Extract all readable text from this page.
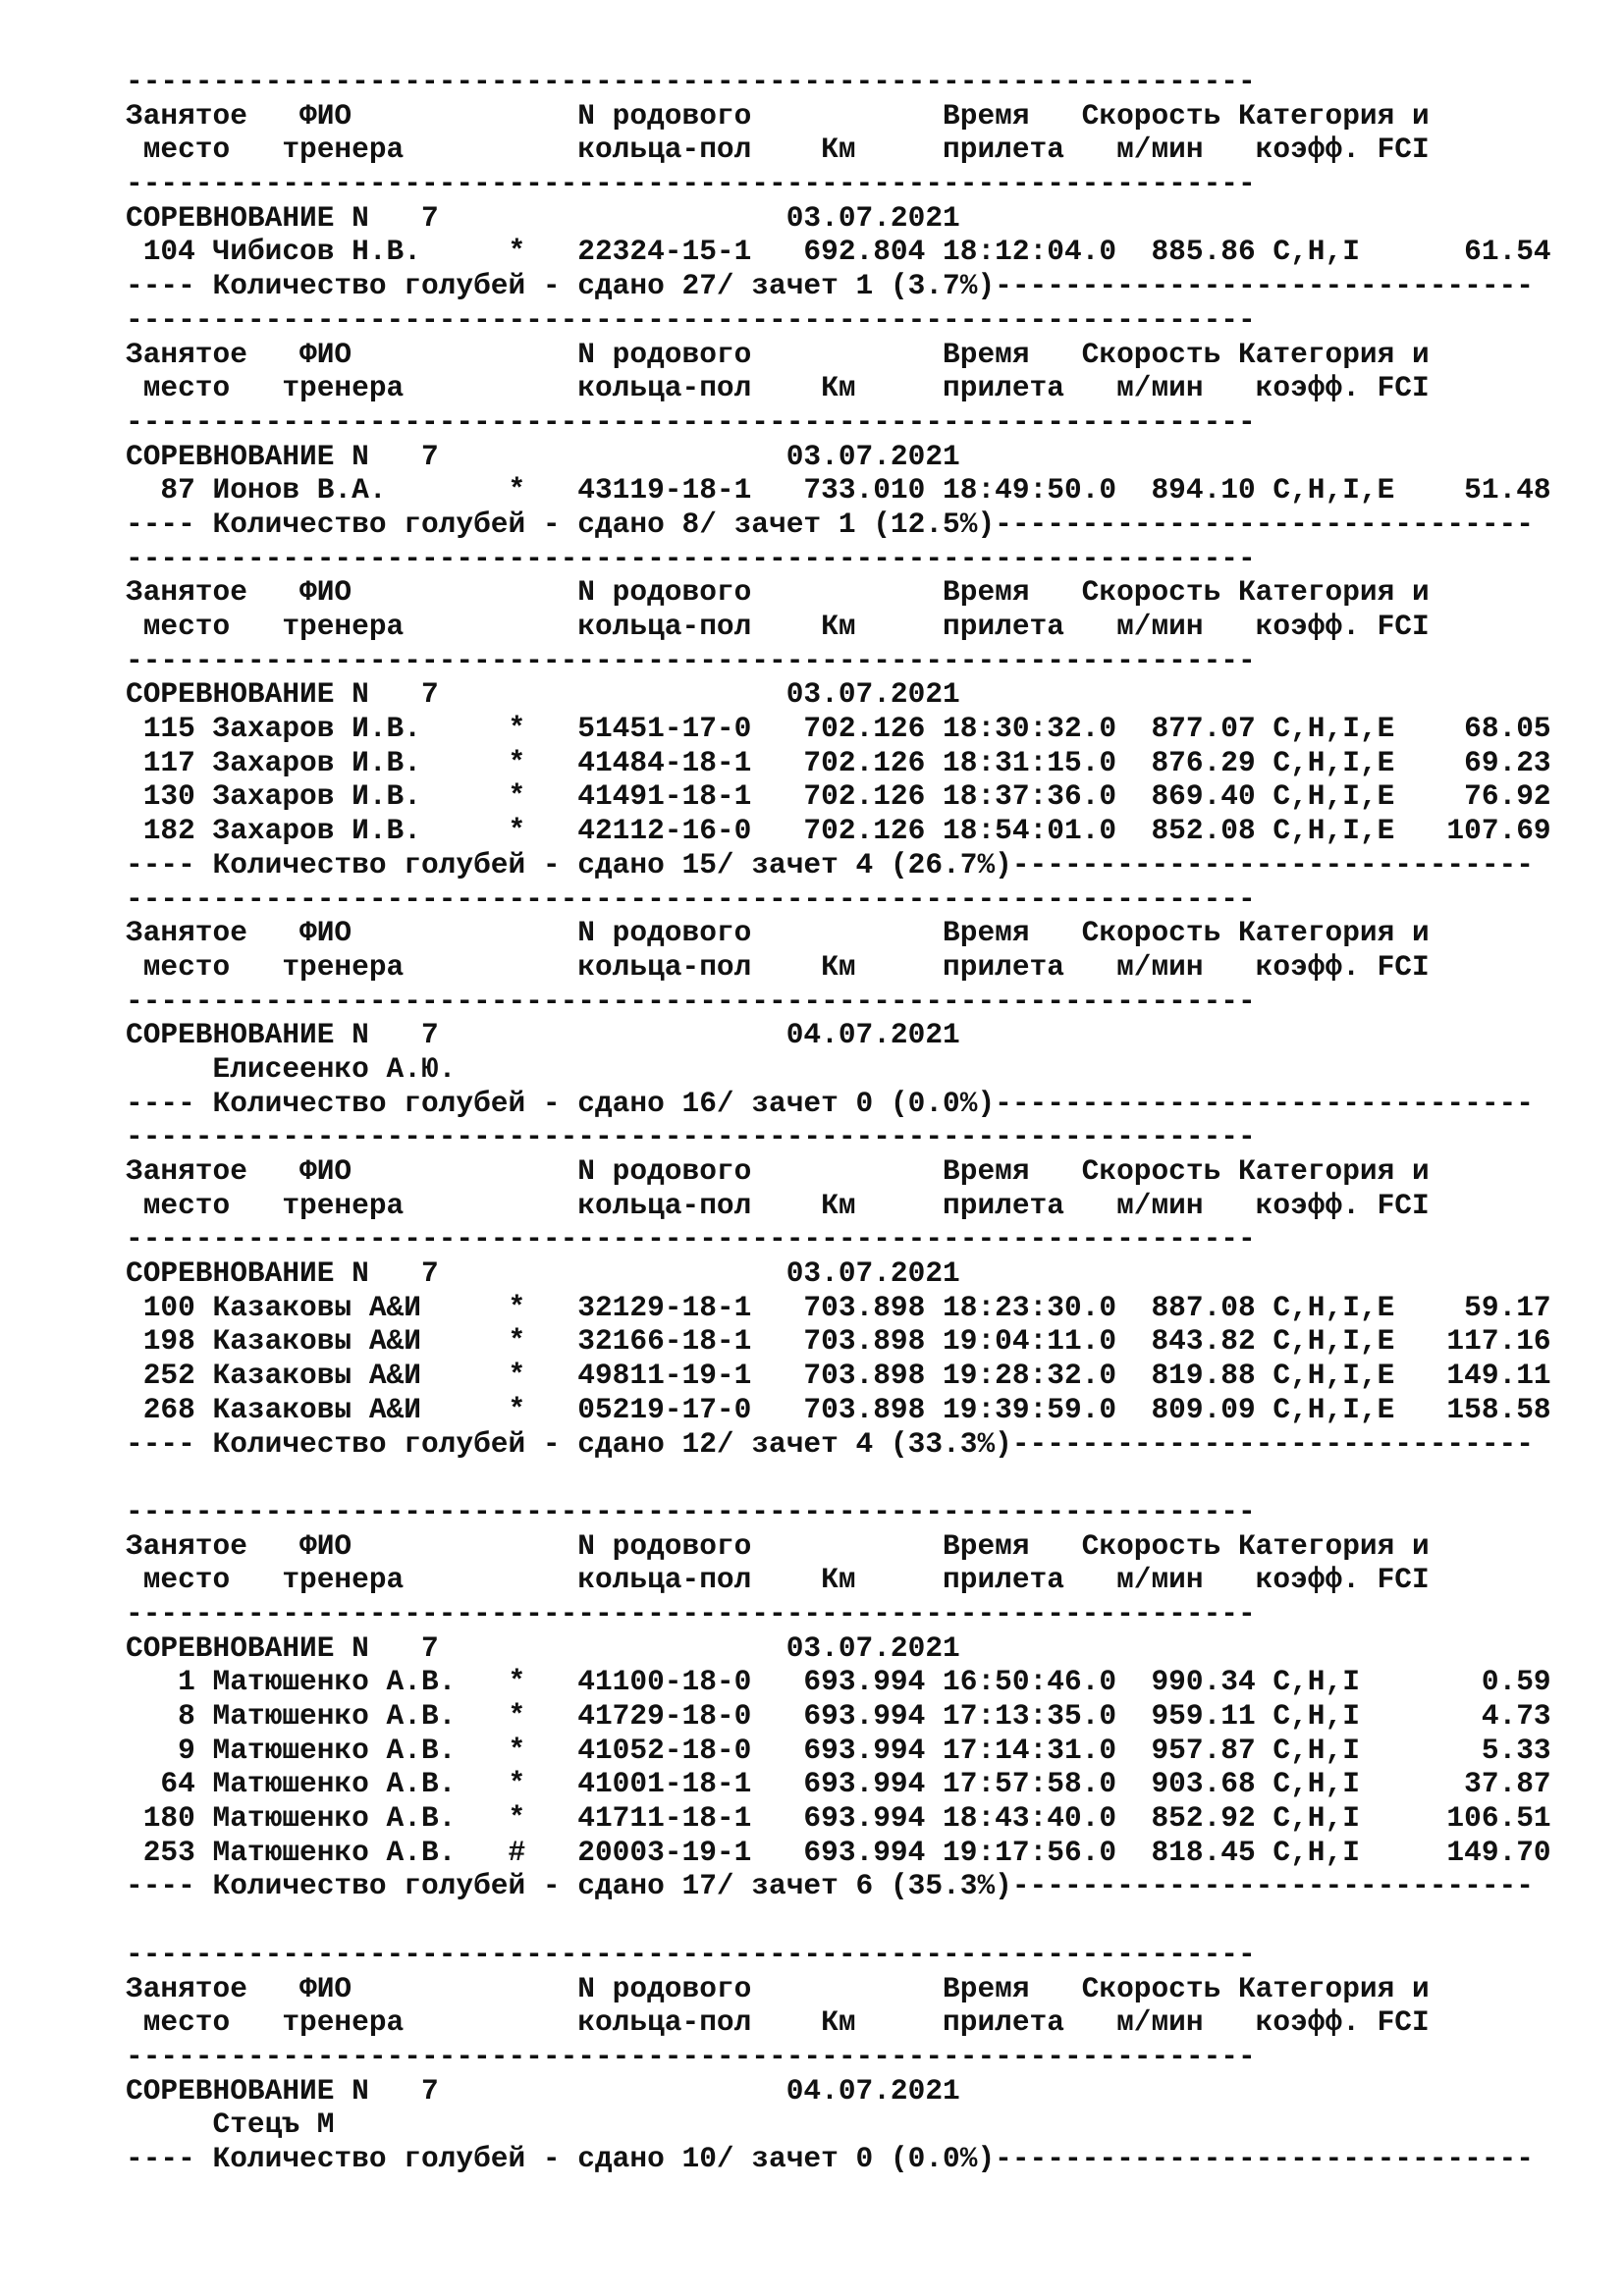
-----------------------------------------------------------------
Занятое   ФИО             N родового           Время   Скорость Категория и
место   тренера          кольца-пол    Км     прилета   м/мин   коэфф. FCI
-----------------------------------------------------------------
СОРЕВНОВАНИЕ N   7                    03.07.2021
104 Чибисов Н.В.     *   22324-15-1   692.804 18:12:04.0  885.86 C,H,I      61.54
---- Количество голубей - сдано 27/ зачет 1 (3.7%)-------------------------------
-----------------------------------------------------------------
Занятое   ФИО             N родового           Время   Скорость Категория и
место   тренера          кольца-пол    Км     прилета   м/мин   коэфф. FCI
-----------------------------------------------------------------
СОРЕВНОВАНИЕ N   7                    03.07.2021
87 Ионов В.А.       *   43119-18-1   733.010 18:49:50.0  894.10 C,H,I,E    51.48
---- Количество голубей - сдано 8/ зачет 1 (12.5%)-------------------------------
-----------------------------------------------------------------
Занятое   ФИО             N родового           Время   Скорость Категория и
место   тренера          кольца-пол    Км     прилета   м/мин   коэфф. FCI
-----------------------------------------------------------------
СОРЕВНОВАНИЕ N   7                    03.07.2021
115 Захаров И.В.     *   51451-17-0   702.126 18:30:32.0  877.07 C,H,I,E    68.05
117 Захаров И.В.     *   41484-18-1   702.126 18:31:15.0  876.29 C,H,I,E    69.23
130 Захаров И.В.     *   41491-18-1   702.126 18:37:36.0  869.40 C,H,I,E    76.92
182 Захаров И.В.     *   42112-16-0   702.126 18:54:01.0  852.08 C,H,I,E   107.69
---- Количество голубей - сдано 15/ зачет 4 (26.7%)------------------------------
-----------------------------------------------------------------
Занятое   ФИО             N родового           Время   Скорость Категория и
место   тренера          кольца-пол    Км     прилета   м/мин   коэфф. FCI
-----------------------------------------------------------------
СОРЕВНОВАНИЕ N   7                    04.07.2021
Елисеенко А.Ю.
---- Количество голубей - сдано 16/ зачет 0 (0.0%)-------------------------------
-----------------------------------------------------------------
Занятое   ФИО             N родового           Время   Скорость Категория и
место   тренера          кольца-пол    Км     прилета   м/мин   коэфф. FCI
-----------------------------------------------------------------
СОРЕВНОВАНИЕ N   7                    03.07.2021
100 Казаковы А&И     *   32129-18-1   703.898 18:23:30.0  887.08 C,H,I,E    59.17
198 Казаковы А&И     *   32166-18-1   703.898 19:04:11.0  843.82 C,H,I,E   117.16
252 Казаковы А&И     *   49811-19-1   703.898 19:28:32.0  819.88 C,H,I,E   149.11
268 Казаковы А&И     *   05219-17-0   703.898 19:39:59.0  809.09 C,H,I,E   158.58
---- Количество голубей - сдано 12/ зачет 4 (33.3%)------------------------------
-----------------------------------------------------------------
Занятое   ФИО             N родового           Время   Скорость Категория и
место   тренера          кольца-пол    Км     прилета   м/мин   коэфф. FCI
-----------------------------------------------------------------
СОРЕВНОВАНИЕ N   7                    03.07.2021
1 Матюшенко А.В.   *   41100-18-0   693.994 16:50:46.0  990.34 C,H,I       0.59
8 Матюшенко А.В.   *   41729-18-0   693.994 17:13:35.0  959.11 C,H,I       4.73
9 Матюшенко А.В.   *   41052-18-0   693.994 17:14:31.0  957.87 C,H,I       5.33
64 Матюшенко А.В.   *   41001-18-1   693.994 17:57:58.0  903.68 C,H,I      37.87
180 Матюшенко А.В.   *   41711-18-1   693.994 18:43:40.0  852.92 C,H,I     106.51
253 Матюшенко А.В.   #   20003-19-1   693.994 19:17:56.0  818.45 C,H,I     149.70
---- Количество голубей - сдано 17/ зачет 6 (35.3%)------------------------------
-----------------------------------------------------------------
Занятое   ФИО             N родового           Время   Скорость Категория и
место   тренера          кольца-пол    Км     прилета   м/мин   коэфф. FCI
-----------------------------------------------------------------
СОРЕВНОВАНИЕ N   7                    04.07.2021
Стецъ М
---- Количество голубей - сдано 10/ зачет 0 (0.0%)-------------------------------
